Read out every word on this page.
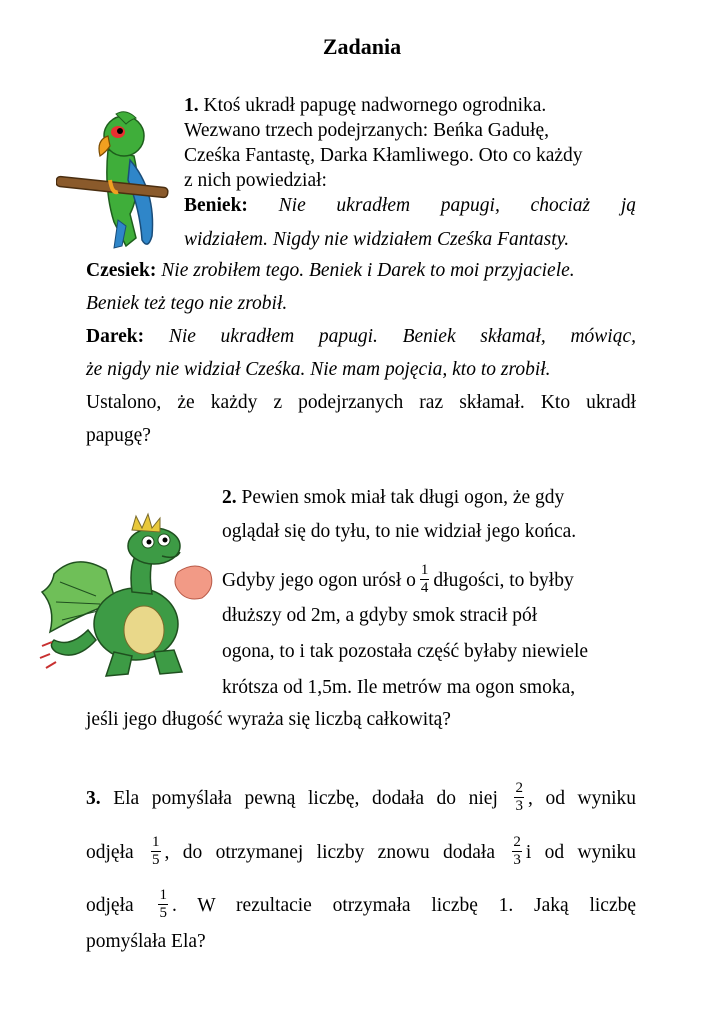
Zadania
1. Ktoś ukradł papugę nadwornego ogrodnika.
Wezwano trzech podejrzanych: Beńka Gadułę,
Cześka Fantastę, Darka Kłamliwego. Oto co każdy
z nich powiedział:
Beniek: Nie ukradłem papugi, chociaż ją
widziałem. Nigdy nie widziałem Cześka Fantasty.
Czesiek: Nie zrobiłem tego. Beniek i Darek to moi przyjaciele.
Beniek też tego nie zrobił.
Darek: Nie ukradłem papugi. Beniek skłamał, mówiąc,
że nigdy nie widział Cześka. Nie mam pojęcia, kto to zrobił.
Ustalono, że każdy z podejrzanych raz skłamał. Kto ukradł
papugę?
2. Pewien smok miał tak długi ogon, że gdy
oglądał się do tyłu, to nie widział jego końca.
Gdyby jego ogon urósł o $\frac{1}{4}$ długości, to byłby
dłuższy od 2m, a gdyby smok stracił pół
ogona, to i tak pozostała część byłaby niewiele
krótsza od 1,5m. Ile metrów ma ogon smoka,
jeśli jego długość wyraża się liczbą całkowitą?
3. Ela pomyślała pewną liczbę, dodała do niej $\frac{2}{3}$ , od wyniku
odjęła $\frac{1}{5}$ , do otrzymanej liczby znowu dodała $\frac{2}{3}$ i od wyniku
odjęła $\frac{1}{5}$ . W rezultacie otrzymała liczbę 1. Jaką liczbę
pomyślała Ela?
